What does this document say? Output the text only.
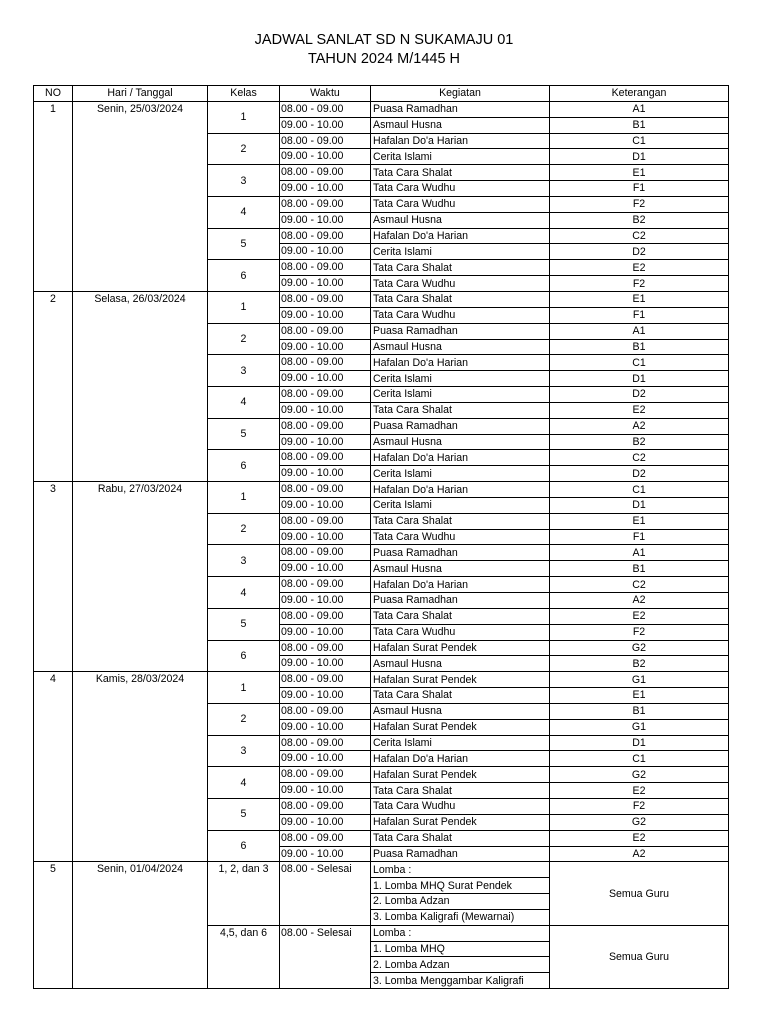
JADWAL SANLAT SD N SUKAMAJU 01
TAHUN 2024 M/1445 H
NO	Hari / Tanggal	Kelas	Waktu	Kegiatan	Keterangan
1	Senin, 25/03/2024	1	08.00 - 09.00	Puasa Ramadhan	A1
			09.00 - 10.00	Asmaul Husna	B1
		2	08.00 - 09.00	Hafalan Do'a Harian	C1
			09.00 - 10.00	Cerita Islami	D1
		3	08.00 - 09.00	Tata Cara Shalat	E1
			09.00 - 10.00	Tata Cara Wudhu	F1
		4	08.00 - 09.00	Tata Cara Wudhu	F2
			09.00 - 10.00	Asmaul Husna	B2
		5	08.00 - 09.00	Hafalan Do'a Harian	C2
			09.00 - 10.00	Cerita Islami	D2
		6	08.00 - 09.00	Tata Cara Shalat	E2
			09.00 - 10.00	Tata Cara Wudhu	F2
2	Selasa, 26/03/2024	1	08.00 - 09.00	Tata Cara Shalat	E1
			09.00 - 10.00	Tata Cara Wudhu	F1
		2	08.00 - 09.00	Puasa Ramadhan	A1
			09.00 - 10.00	Asmaul Husna	B1
		3	08.00 - 09.00	Hafalan Do'a Harian	C1
			09.00 - 10.00	Cerita Islami	D1
		4	08.00 - 09.00	Cerita Islami	D2
			09.00 - 10.00	Tata Cara Shalat	E2
		5	08.00 - 09.00	Puasa Ramadhan	A2
			09.00 - 10.00	Asmaul Husna	B2
		6	08.00 - 09.00	Hafalan Do'a Harian	C2
			09.00 - 10.00	Cerita Islami	D2
3	Rabu, 27/03/2024	1	08.00 - 09.00	Hafalan Do'a Harian	C1
			09.00 - 10.00	Cerita Islami	D1
		2	08.00 - 09.00	Tata Cara Shalat	E1
			09.00 - 10.00	Tata Cara Wudhu	F1
		3	08.00 - 09.00	Puasa Ramadhan	A1
			09.00 - 10.00	Asmaul Husna	B1
		4	08.00 - 09.00	Hafalan Do'a Harian	C2
			09.00 - 10.00	Puasa Ramadhan	A2
		5	08.00 - 09.00	Tata Cara Shalat	E2
			09.00 - 10.00	Tata Cara Wudhu	F2
		6	08.00 - 09.00	Hafalan Surat Pendek	G2
			09.00 - 10.00	Asmaul Husna	B2
4	Kamis, 28/03/2024	1	08.00 - 09.00	Hafalan Surat Pendek	G1
			09.00 - 10.00	Tata Cara Shalat	E1
		2	08.00 - 09.00	Asmaul Husna	B1
			09.00 - 10.00	Hafalan Surat Pendek	G1
		3	08.00 - 09.00	Cerita Islami	D1
			09.00 - 10.00	Hafalan Do'a Harian	C1
		4	08.00 - 09.00	Hafalan Surat Pendek	G2
			09.00 - 10.00	Tata Cara Shalat	E2
		5	08.00 - 09.00	Tata Cara Wudhu	F2
			09.00 - 10.00	Hafalan Surat Pendek	G2
		6	08.00 - 09.00	Tata Cara Shalat	E2
			09.00 - 10.00	Puasa Ramadhan	A2
5	Senin, 01/04/2024	1, 2, dan 3	08.00 - Selesai	Lomba :	Semua Guru
				1. Lomba MHQ Surat Pendek	
				2. Lomba Adzan	
				3. Lomba Kaligrafi (Mewarnai)	
		4,5, dan 6	08.00 - Selesai	Lomba :	Semua Guru
				1. Lomba MHQ	
				2. Lomba Adzan	
				3. Lomba Menggambar Kaligrafi	
